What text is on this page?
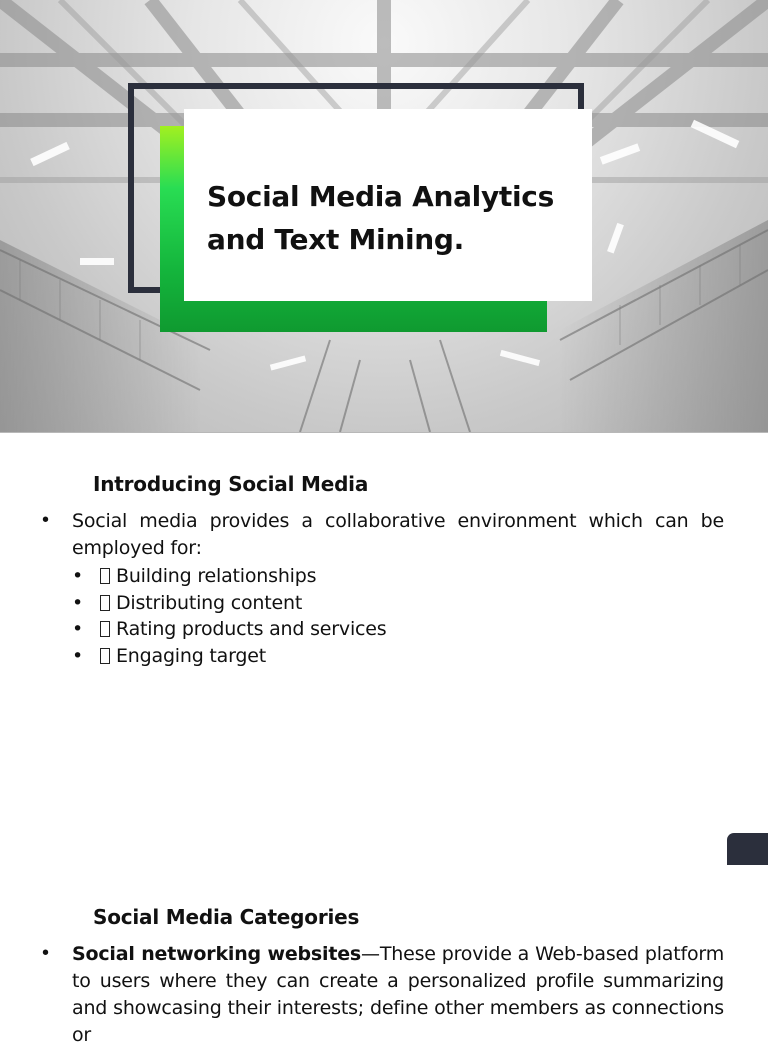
Social Media Analytics
and Text Mining.
Introducing Social Media
• Social media provides a collaborative environment which can be employed for:
• Building relationships
• Distributing content
• Rating products and services
• Engaging target
Social Media Categories
• Social networking websites—These provide a Web-based platform to users where they can create a personalized profile summarizing and showcasing their interests; define other members as connections or
